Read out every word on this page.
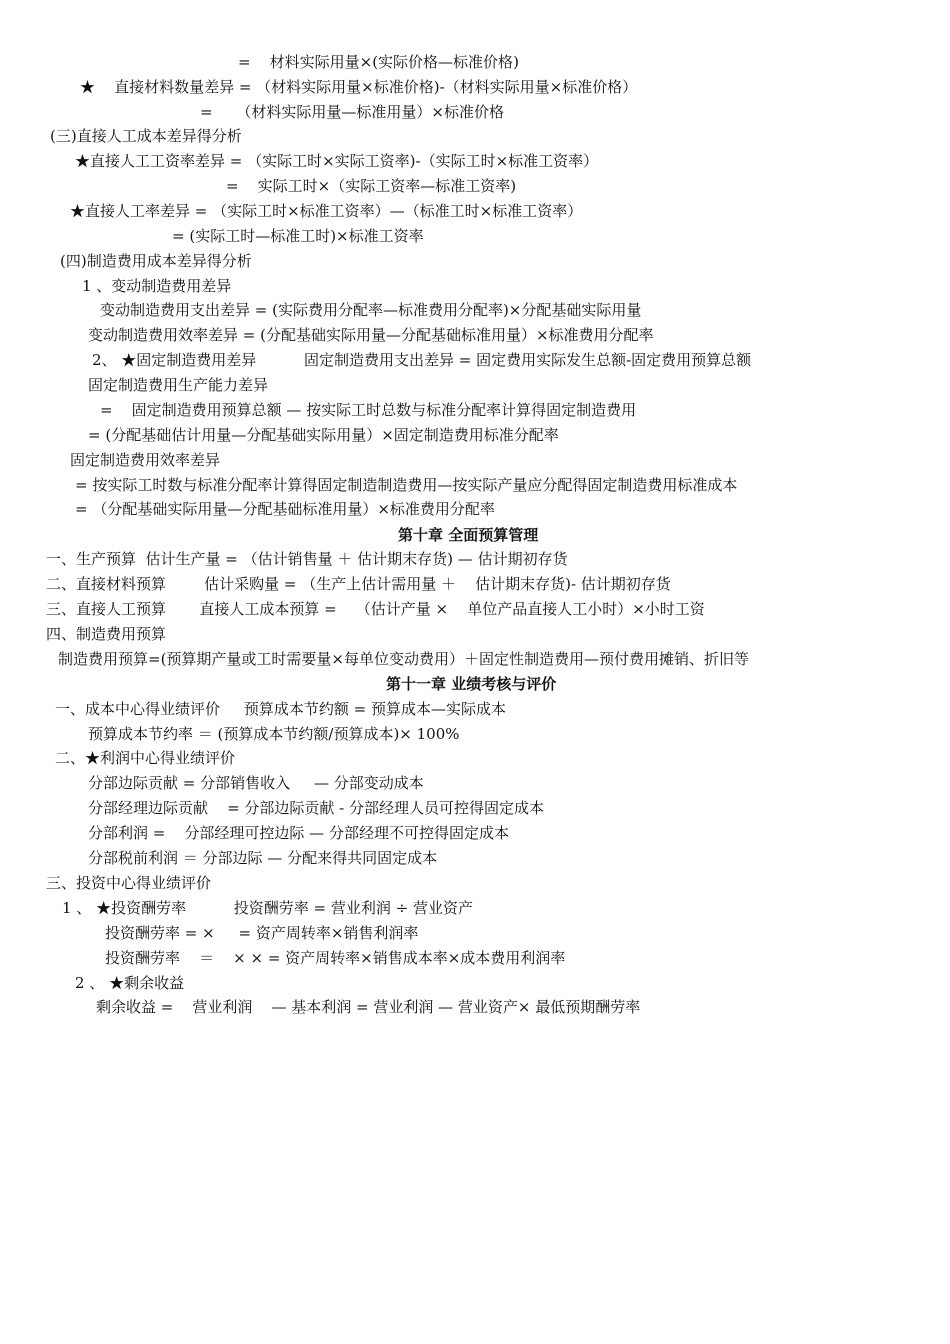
=    材料实际用量×(实际价格—标准价格)
★    直接材料数量差异 = （材料实际用量×标准价格)-（材料实际用量×标准价格）
=     （材料实际用量—标准用量）×标准价格
(三)直接人工成本差异得分析
★直接人工工资率差异 = （实际工时×实际工资率)-（实际工时×标准工资率）
=    实际工时×（实际工资率—标准工资率)
★直接人工率差异 = （实际工时×标准工资率）—（标准工时×标准工资率）
= (实际工时—标准工时)×标准工资率
(四)制造费用成本差异得分析
1 、变动制造费用差异
变动制造费用支出差异 = (实际费用分配率—标准费用分配率)×分配基础实际用量
变动制造费用效率差异 = (分配基础实际用量—分配基础标准用量）×标准费用分配率
2、 ★固定制造费用差异          固定制造费用支出差异 = 固定费用实际发生总额-固定费用预算总额
固定制造费用生产能力差异
=    固定制造费用预算总额 — 按实际工时总数与标准分配率计算得固定制造费用
= (分配基础估计用量—分配基础实际用量）×固定制造费用标准分配率
固定制造费用效率差异
= 按实际工时数与标准分配率计算得固定制造制造费用—按实际产量应分配得固定制造费用标准成本
= （分配基础实际用量—分配基础标准用量）×标准费用分配率
第十章 全面预算管理
一、生产预算  估计生产量 = （估计销售量 ＋ 估计期末存货) — 估计期初存货
二、直接材料预算        估计采购量 = （生产上估计需用量 ＋    估计期末存货)- 估计期初存货
三、直接人工预算       直接人工成本预算 =    （估计产量 ×    单位产品直接人工小时）×小时工资
四、制造费用预算
制造费用预算=(预算期产量或工时需要量×每单位变动费用）＋固定性制造费用—预付费用摊销、折旧等
第十一章 业绩考核与评价
一、成本中心得业绩评价     预算成本节约额 = 预算成本—实际成本
预算成本节约率 ＝ (预算成本节约额/预算成本)× 100%
二、★利润中心得业绩评价
分部边际贡献 = 分部销售收入     — 分部变动成本
分部经理边际贡献    = 分部边际贡献 - 分部经理人员可控得固定成本
分部利润 =    分部经理可控边际 — 分部经理不可控得固定成本
分部税前利润 ＝ 分部边际 — 分配来得共同固定成本
三、投资中心得业绩评价
1 、 ★投资酬劳率          投资酬劳率 = 营业利润 ÷ 营业资产
投资酬劳率 = ×     = 资产周转率×销售利润率
投资酬劳率    ＝    × × = 资产周转率×销售成本率×成本费用利润率
2 、 ★剩余收益
剩余收益 =    营业利润    — 基本利润 = 营业利润 — 营业资产× 最低预期酬劳率
